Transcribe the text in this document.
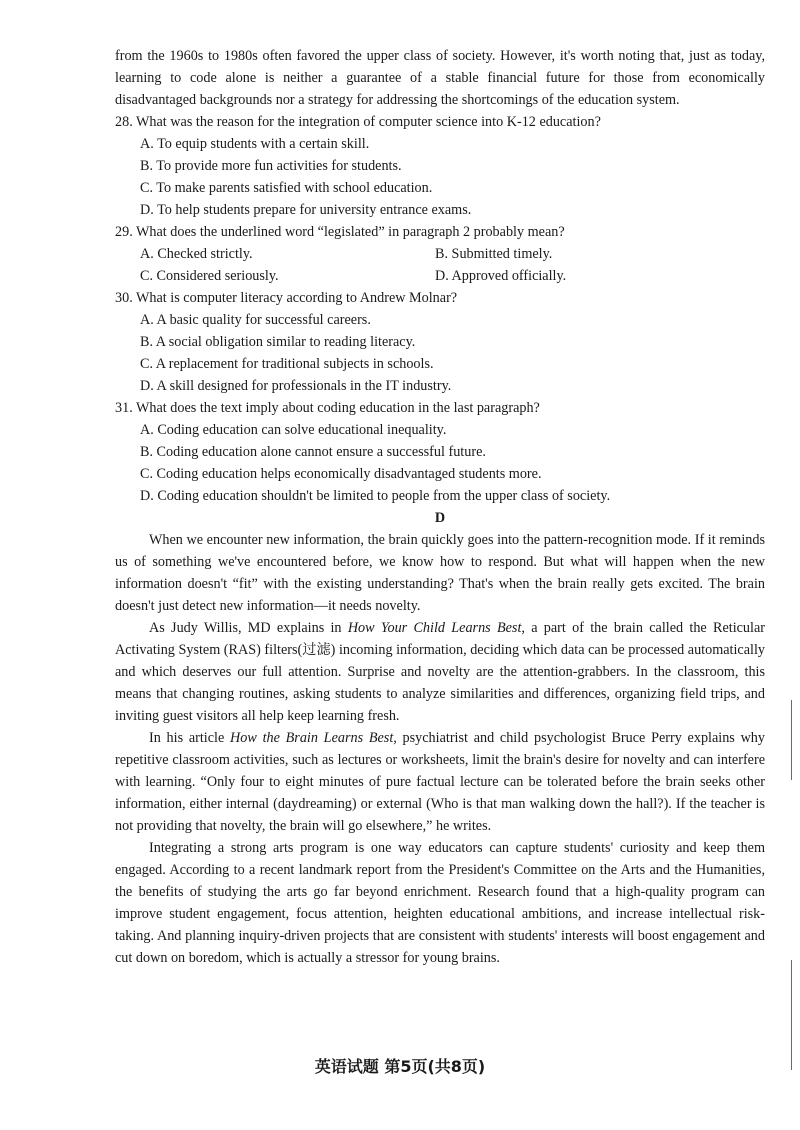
from the 1960s to 1980s often favored the upper class of society. However, it's worth noting that, just as today, learning to code alone is neither a guarantee of a stable financial future for those from economically disadvantaged backgrounds nor a strategy for addressing the shortcomings of the education system.

28. What was the reason for the integration of computer science into K-12 education?

A. To equip students with a certain skill.
B. To provide more fun activities for students.
C. To make parents satisfied with school education.
D. To help students prepare for university entrance exams.

29. What does the underlined word “legislated” in paragraph 2 probably mean?

A. Checked strictly.	B. Submitted timely.
C. Considered seriously.	D. Approved officially.

30. What is computer literacy according to Andrew Molnar?

A. A basic quality for successful careers.
B. A social obligation similar to reading literacy.
C. A replacement for traditional subjects in schools.
D. A skill designed for professionals in the IT industry.

31. What does the text imply about coding education in the last paragraph?

A. Coding education can solve educational inequality.
B. Coding education alone cannot ensure a successful future.
C. Coding education helps economically disadvantaged students more.
D. Coding education shouldn't be limited to people from the upper class of society.

D

When we encounter new information, the brain quickly goes into the pattern-recognition mode. If it reminds us of something we've encountered before, we know how to respond. But what will happen when the new information doesn't “fit” with the existing understanding? That's when the brain really gets excited. The brain doesn't just detect new information—it needs novelty.

As Judy Willis, MD explains in How Your Child Learns Best, a part of the brain called the Reticular Activating System (RAS) filters(过滤) incoming information, deciding which data can be processed automatically and which deserves our full attention. Surprise and novelty are the attention-grabbers. In the classroom, this means that changing routines, asking students to analyze similarities and differences, organizing field trips, and inviting guest visitors all help keep learning fresh.

In his article How the Brain Learns Best, psychiatrist and child psychologist Bruce Perry explains why repetitive classroom activities, such as lectures or worksheets, limit the brain's desire for novelty and can interfere with learning. “Only four to eight minutes of pure factual lecture can be tolerated before the brain seeks other information, either internal (daydreaming) or external (Who is that man walking down the hall?). If the teacher is not providing that novelty, the brain will go elsewhere,” he writes.

Integrating a strong arts program is one way educators can capture students' curiosity and keep them engaged. According to a recent landmark report from the President's Committee on the Arts and the Humanities, the benefits of studying the arts go far beyond enrichment. Research found that a high-quality program can improve student engagement, focus attention, heighten educational ambitions, and increase intellectual risk-taking. And planning inquiry-driven projects that are consistent with students' interests will boost engagement and cut down on boredom, which is actually a stressor for young brains.

英语试题 第5页(共8页)
